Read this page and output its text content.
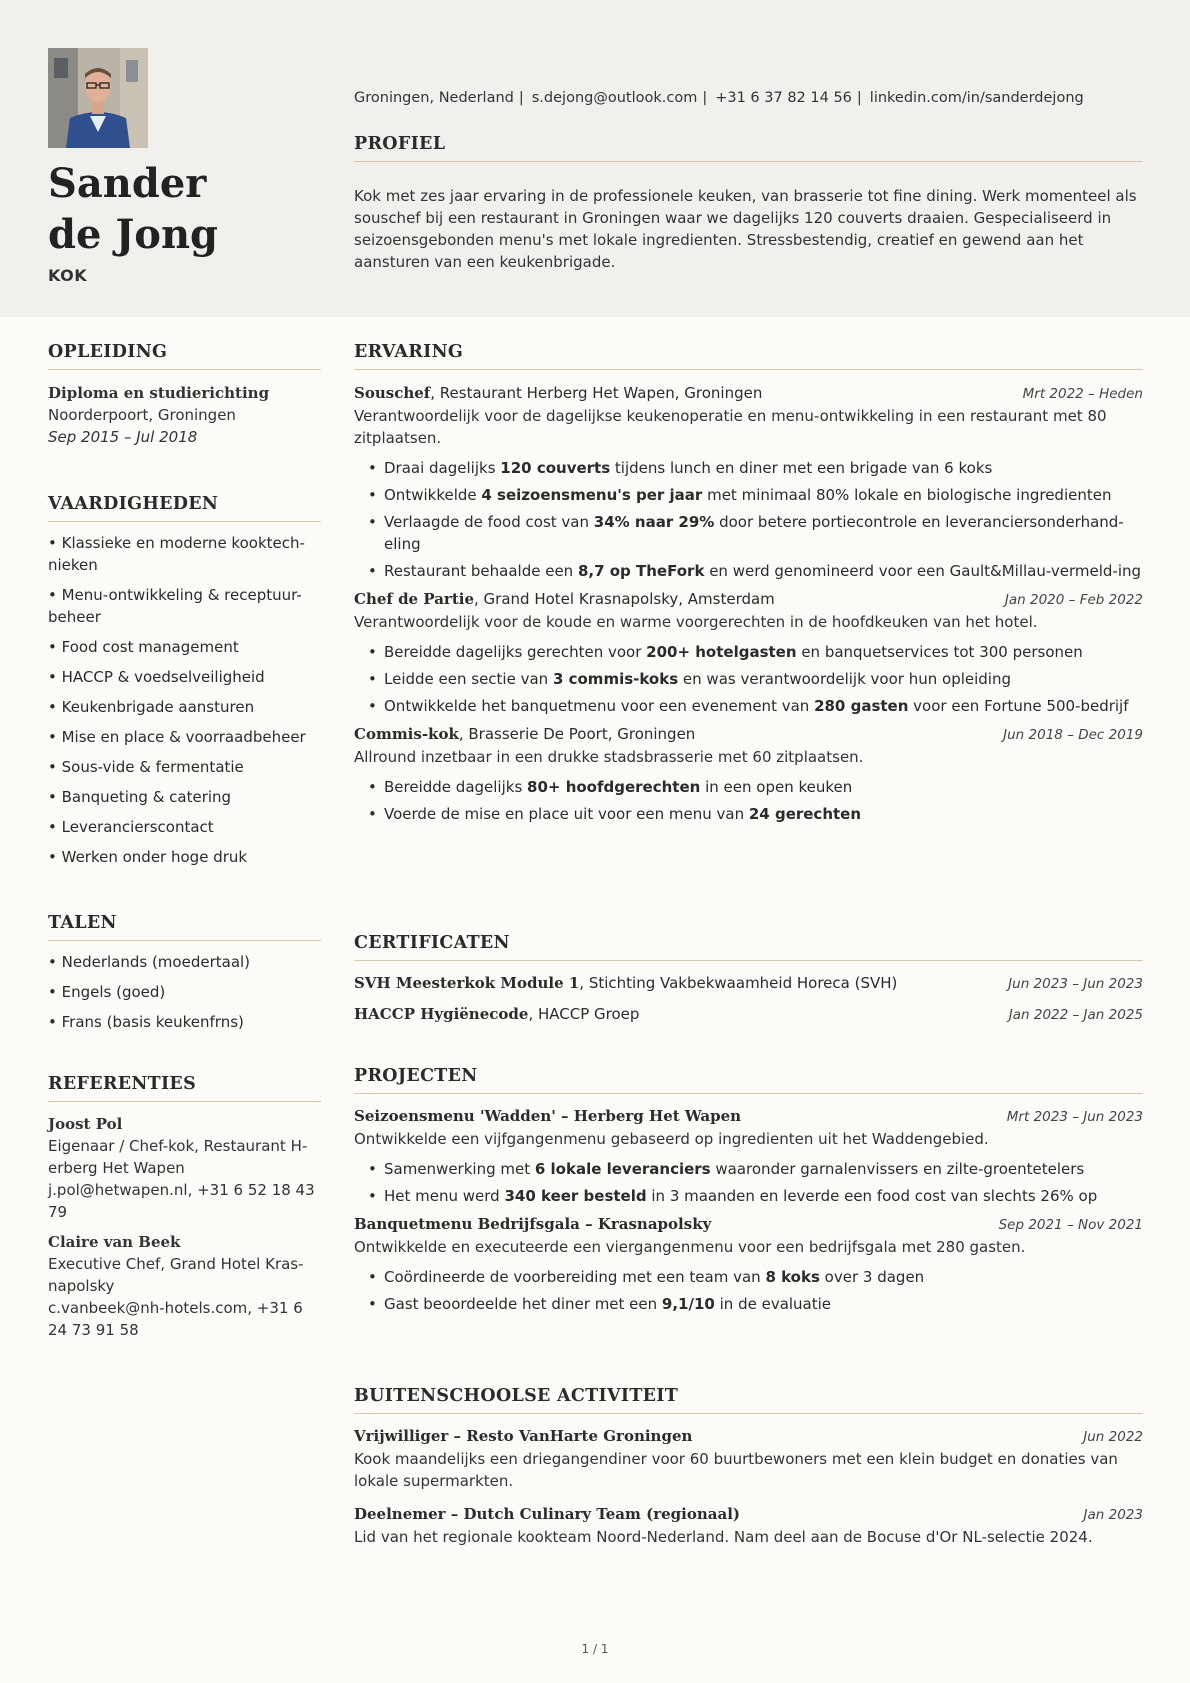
Sander
de Jong
KOK
Groningen, Nederland | s.dejong@outlook.com | +31 6 37 82 14 56 | linkedin.com/in/sanderdejong
PROFIEL
Kok met zes jaar ervaring in de professionele keuken, van brasserie tot fine dining. Werk momenteel als souschef bij een restaurant in Groningen waar we dagelijks 120 couverts draaien. Gespecialiseerd in seizoensgebonden menu's met lokale ingredienten. Stressbestendig, creatief en gewend aan het aansturen van een keukenbrigade.
OPLEIDING
Diploma en studierichting
Noorderpoort, Groningen
Sep 2015 – Jul 2018
VAARDIGHEDEN
• Klassieke en moderne kooktech-nieken
• Menu-ontwikkeling & receptuur-beheer
• Food cost management
• HACCP & voedselveiligheid
• Keukenbrigade aansturen
• Mise en place & voorraadbeheer
• Sous-vide & fermentatie
• Banqueting & catering
• Leverancierscontact
• Werken onder hoge druk
TALEN
• Nederlands (moedertaal)
• Engels (goed)
• Frans (basis keukenfrns)
REFERENTIES
Joost Pol
Eigenaar / Chef-kok, Restaurant H-erberg Het Wapen
j.pol@hetwapen.nl, +31 6 52 18 43 79
Claire van Beek
Executive Chef, Grand Hotel Kras-napolsky
c.vanbeek@nh-hotels.com, +31 6 24 73 91 58
ERVARING
Souschef, Restaurant Herberg Het Wapen, Groningen	Mrt 2022 – Heden
Verantwoordelijk voor de dagelijkse keukenoperatie en menu-ontwikkeling in een restaurant met 80 zitplaatsen.
• Draai dagelijks 120 couverts tijdens lunch en diner met een brigade van 6 koks
• Ontwikkelde 4 seizoensmenu's per jaar met minimaal 80% lokale en biologische ingredienten
• Verlaagde de food cost van 34% naar 29% door betere portiecontrole en leveranciersonderhand-eling
• Restaurant behaalde een 8,7 op TheFork en werd genomineerd voor een Gault&Millau-vermeld-ing
Chef de Partie, Grand Hotel Krasnapolsky, Amsterdam	Jan 2020 – Feb 2022
Verantwoordelijk voor de koude en warme voorgerechten in de hoofdkeuken van het hotel.
• Bereidde dagelijks gerechten voor 200+ hotelgasten en banquetservices tot 300 personen
• Leidde een sectie van 3 commis-koks en was verantwoordelijk voor hun opleiding
• Ontwikkelde het banquetmenu voor een evenement van 280 gasten voor een Fortune 500-bedrijf
Commis-kok, Brasserie De Poort, Groningen	Jun 2018 – Dec 2019
Allround inzetbaar in een drukke stadsbrasserie met 60 zitplaatsen.
• Bereidde dagelijks 80+ hoofdgerechten in een open keuken
• Voerde de mise en place uit voor een menu van 24 gerechten
CERTIFICATEN
SVH Meesterkok Module 1, Stichting Vakbekwaamheid Horeca (SVH)	Jun 2023 – Jun 2023
HACCP Hygiënecode, HACCP Groep	Jan 2022 – Jan 2025
PROJECTEN
Seizoensmenu 'Wadden' – Herberg Het Wapen	Mrt 2023 – Jun 2023
Ontwikkelde een vijfgangenmenu gebaseerd op ingredienten uit het Waddengebied.
• Samenwerking met 6 lokale leveranciers waaronder garnalenvissers en zilte-groentetelers
• Het menu werd 340 keer besteld in 3 maanden en leverde een food cost van slechts 26% op
Banquetmenu Bedrijfsgala – Krasnapolsky	Sep 2021 – Nov 2021
Ontwikkelde en executeerde een viergangenmenu voor een bedrijfsgala met 280 gasten.
• Coördineerde de voorbereiding met een team van 8 koks over 3 dagen
• Gast beoordeelde het diner met een 9,1/10 in de evaluatie
BUITENSCHOOLSE ACTIVITEIT
Vrijwilliger – Resto VanHarte Groningen	Jun 2022
Kook maandelijks een driegangendiner voor 60 buurtbewoners met een klein budget en donaties van lokale supermarkten.
Deelnemer – Dutch Culinary Team (regionaal)	Jan 2023
Lid van het regionale kookteam Noord-Nederland. Nam deel aan de Bocuse d'Or NL-selectie 2024.
1 / 1
